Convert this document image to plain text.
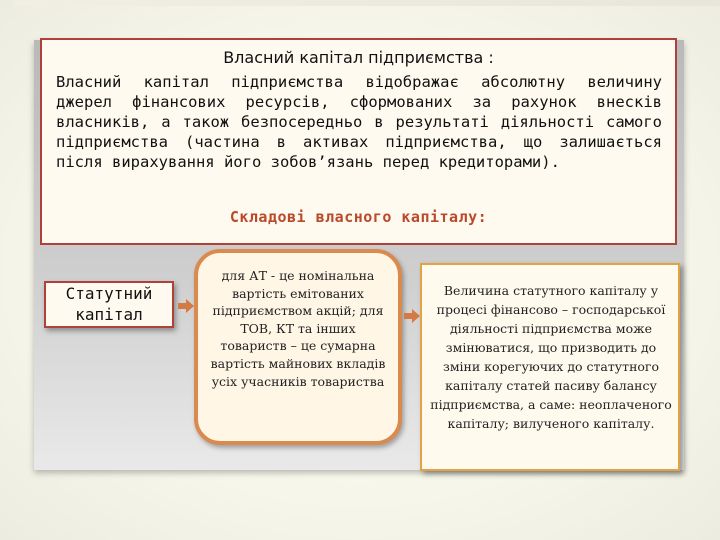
Власний капітал підприємства :
Власний капітал підприємства відображає абсолютну величину джерел фінансових ресурсів, сформованих за рахунок внесків власників, а також безпосередньо в результаті діяльності самого підприємства (частина в активах підприємства, що залишається після вирахування його зобов’язань перед кредиторами).
Складові власного капіталу:
Статутний
капітал
для АТ - це номінальна вартість емітованих підприємством акцій; для ТОВ, КТ та інших товариств – це сумарна вартість майнових вкладів усіх учасників товариства
Величина статутного капіталу у процесі фінансово – господарської діяльності підприємства може змінюватися, що призводить до зміни корегуючих до статутного капіталу статей пасиву балансу підприємства, а саме: неоплаченого капіталу; вилученого капіталу.
